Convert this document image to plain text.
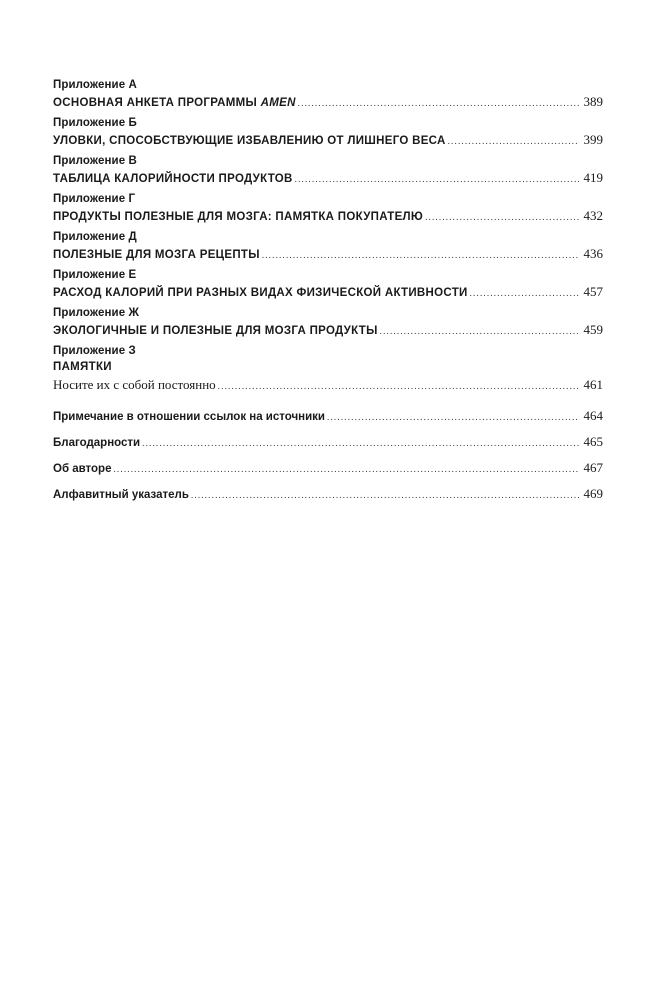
Приложение А
ОСНОВНАЯ АНКЕТА ПРОГРАММЫ AMEN .....	389
Приложение Б
УЛОВКИ, СПОСОБСТВУЮЩИЕ ИЗБАВЛЕНИЮ ОТ ЛИШНЕГО ВЕСА .....	399
Приложение В
ТАБЛИЦА КАЛОРИЙНОСТИ ПРОДУКТОВ .....	419
Приложение Г
ПРОДУКТЫ ПОЛЕЗНЫЕ ДЛЯ МОЗГА: ПАМЯТКА ПОКУПАТЕЛЮ .....	432
Приложение Д
ПОЛЕЗНЫЕ ДЛЯ МОЗГА РЕЦЕПТЫ .....	436
Приложение Е
РАСХОД КАЛОРИЙ ПРИ РАЗНЫХ ВИДАХ ФИЗИЧЕСКОЙ АКТИВНОСТИ .....	457
Приложение Ж
ЭКОЛОГИЧНЫЕ И ПОЛЕЗНЫЕ ДЛЯ МОЗГА ПРОДУКТЫ .....	459
Приложение З
ПАМЯТКИ
Носите их с собой постоянно .....	461
Примечание в отношении ссылок на источники .....	464
Благодарности .....	465
Об авторе .....	467
Алфавитный указатель .....	469
